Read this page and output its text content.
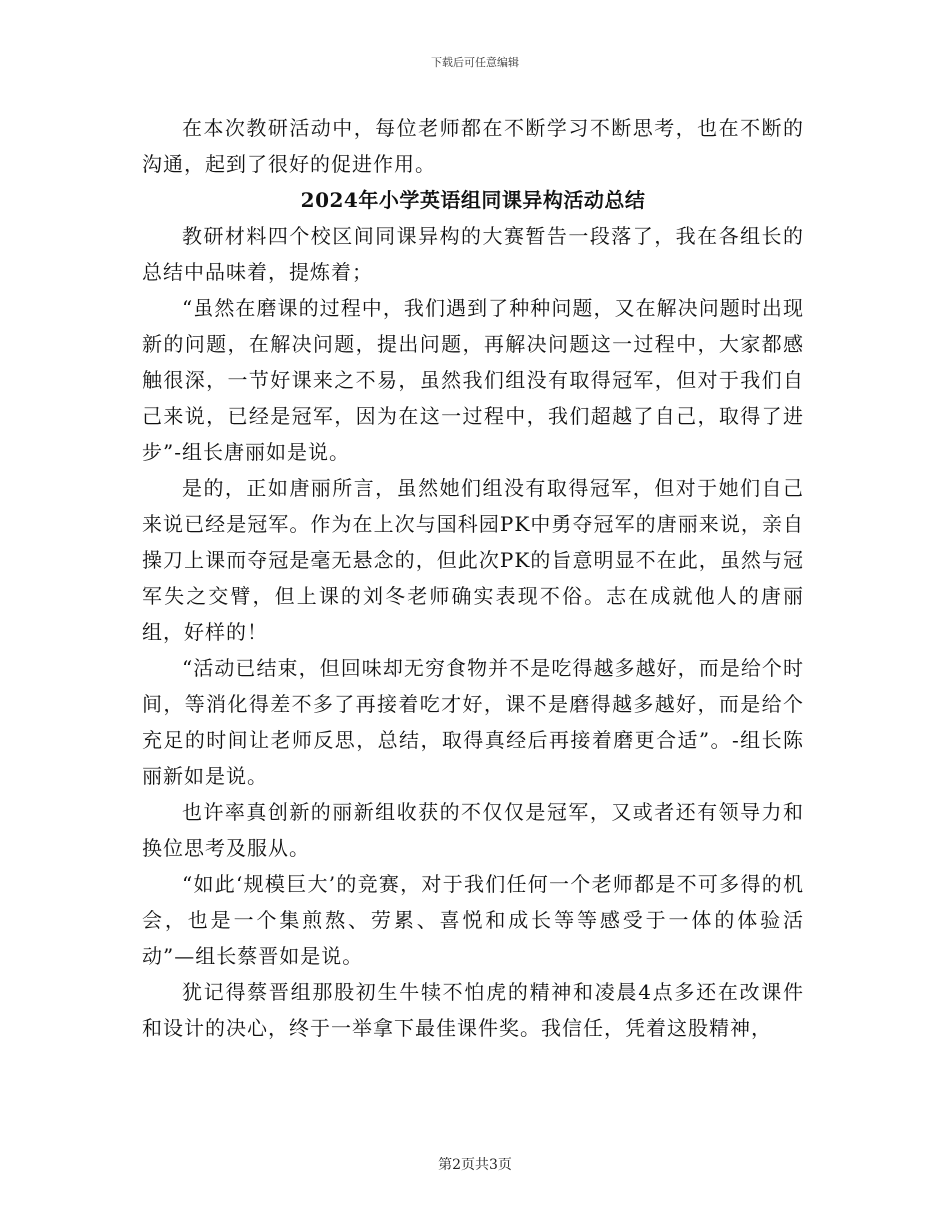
下载后可任意编辑

在本次教研活动中，每位老师都在不断学习不断思考，也在不断的沟通，起到了很好的促进作用。

2024年小学英语组同课异构活动总结

教研材料四个校区间同课异构的大赛暂告一段落了，我在各组长的总结中品味着，提炼着；

“虽然在磨课的过程中，我们遇到了种种问题，又在解决问题时出现新的问题，在解决问题，提出问题，再解决问题这一过程中，大家都感触很深，一节好课来之不易，虽然我们组没有取得冠军，但对于我们自己来说，已经是冠军，因为在这一过程中，我们超越了自己，取得了进步”-组长唐丽如是说。

是的，正如唐丽所言，虽然她们组没有取得冠军，但对于她们自己来说已经是冠军。作为在上次与国科园PK中勇夺冠军的唐丽来说，亲自操刀上课而夺冠是毫无悬念的，但此次PK的旨意明显不在此，虽然与冠军失之交臂，但上课的刘冬老师确实表现不俗。志在成就他人的唐丽组，好样的！

“活动已结束，但回味却无穷食物并不是吃得越多越好，而是给个时间，等消化得差不多了再接着吃才好，课不是磨得越多越好，而是给个充足的时间让老师反思，总结，取得真经后再接着磨更合适”。-组长陈丽新如是说。

也许率真创新的丽新组收获的不仅仅是冠军，又或者还有领导力和换位思考及服从。

“如此‘规模巨大’的竞赛，对于我们任何一个老师都是不可多得的机会，也是一个集煎熬、劳累、喜悦和成长等等感受于一体的体验活动”—组长蔡晋如是说。

犹记得蔡晋组那股初生牛犊不怕虎的精神和凌晨4点多还在改课件和设计的决心，终于一举拿下最佳课件奖。我信任，凭着这股精神，

第2页共3页
